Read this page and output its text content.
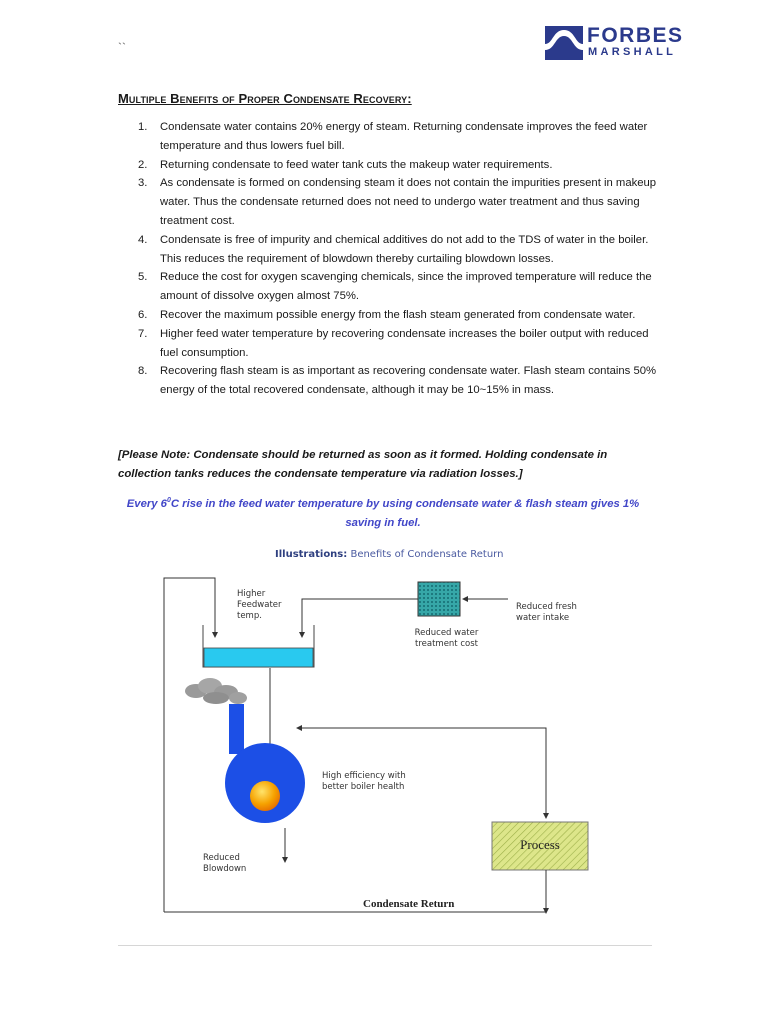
``	FORBES
MARSHALL
Multiple Benefits of Proper Condensate Recovery:
1. Condensate water contains 20% energy of steam. Returning condensate improves the feed water temperature and thus lowers fuel bill.
2. Returning condensate to feed water tank cuts the makeup water requirements.
3. As condensate is formed on condensing steam it does not contain the impurities present in makeup water. Thus the condensate returned does not need to undergo water treatment and thus saving treatment cost.
4. Condensate is free of impurity and chemical additives do not add to the TDS of water in the boiler. This reduces the requirement of blowdown thereby curtailing blowdown losses.
5. Reduce the cost for oxygen scavenging chemicals, since the improved temperature will reduce the amount of dissolve oxygen almost 75%.
6. Recover the maximum possible energy from the flash steam generated from condensate water.
7. Higher feed water temperature by recovering condensate increases the boiler output with reduced fuel consumption.
8. Recovering flash steam is as important as recovering condensate water. Flash steam contains 50% energy of the total recovered condensate, although it may be 10~15% in mass.
[Please Note: Condensate should be returned as soon as it formed. Holding condensate in collection tanks reduces the condensate temperature via radiation losses.]
Every $6^0C$ rise in the feed water temperature by using condensate water & flash steam gives 1% saving in fuel.
Illustrations: Benefits of Condensate Return
Higher Feedwater temp.
Reduced water treatment cost
Reduced fresh water intake
High efficiency with better boiler health
Reduced Blowdown
Process
Condensate Return
